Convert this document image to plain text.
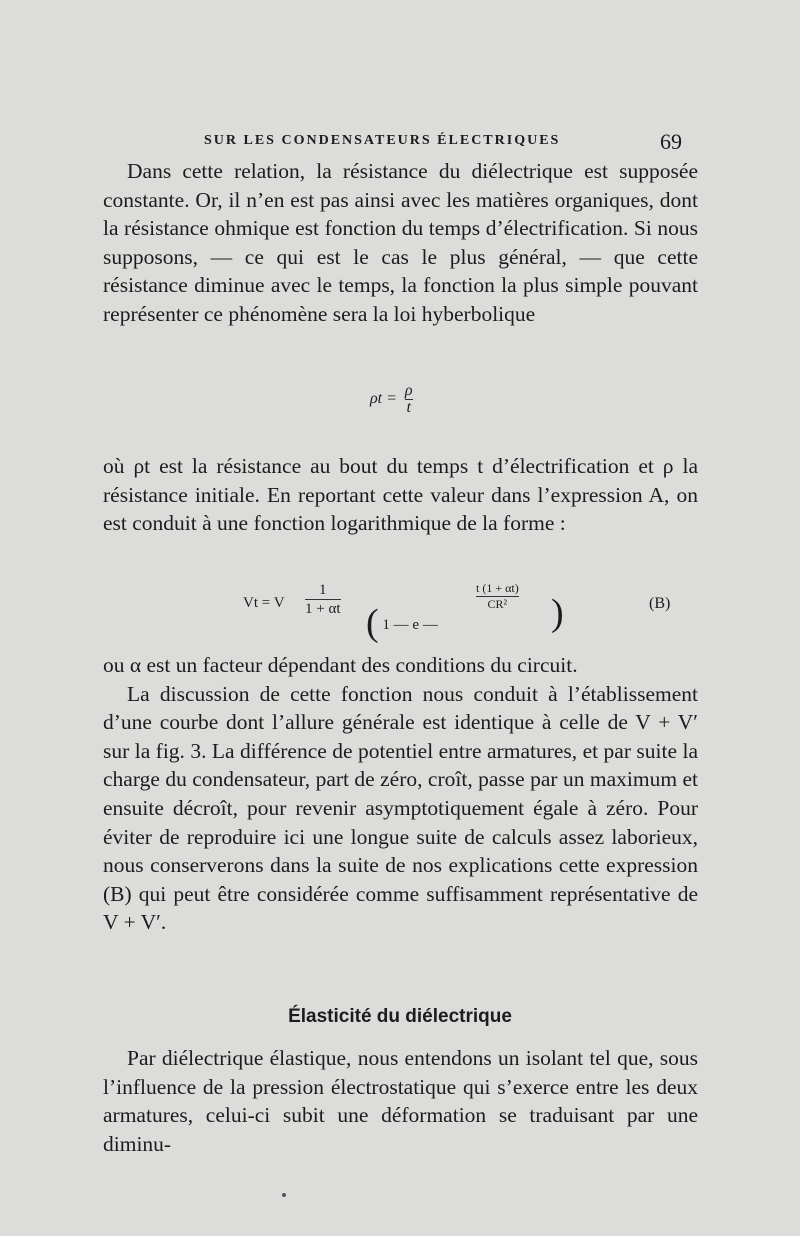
SUR LES CONDENSATEURS ÉLECTRIQUES	69

Dans cette relation, la résistance du diélectrique est supposée constante. Or, il n’en est pas ainsi avec les matières organiques, dont la résistance ohmique est fonction du temps d’électrification. Si nous supposons, — ce qui est le cas le plus général, — que cette résistance diminue avec le temps, la fonction la plus simple pouvant représenter ce phénomène sera la loi hyberbolique

$\rho t = \frac{\rho}{t}$

où ρt est la résistance au bout du temps t d’électrification et ρ la résistance initiale. En reportant cette valeur dans l’expression A, on est conduit à une fonction logarithmique de la forme :

Vt = V $\frac{1}{1 + \alpha t}$
( 1 — e —
$\frac{t (1 + \alpha t)}{\text{CR²}}$ )	(B)

ou α est un facteur dépendant des conditions du circuit.

La discussion de cette fonction nous conduit à l’établissement d’une courbe dont l’allure générale est identique à celle de V + V′ sur la fig. 3. La différence de potentiel entre armatures, et par suite la charge du condensateur, part de zéro, croît, passe par un maximum et ensuite décroît, pour revenir asymptotiquement égale à zéro. Pour éviter de reproduire ici une longue suite de calculs assez laborieux, nous conserverons dans la suite de nos explications cette expression (B) qui peut être considérée comme suffisamment représentative de V + V′.

Élasticité du diélectrique

Par diélectrique élastique, nous entendons un isolant tel que, sous l’influence de la pression électrostatique qui s’exerce entre les deux armatures, celui-ci subit une déformation se traduisant par une diminu-
